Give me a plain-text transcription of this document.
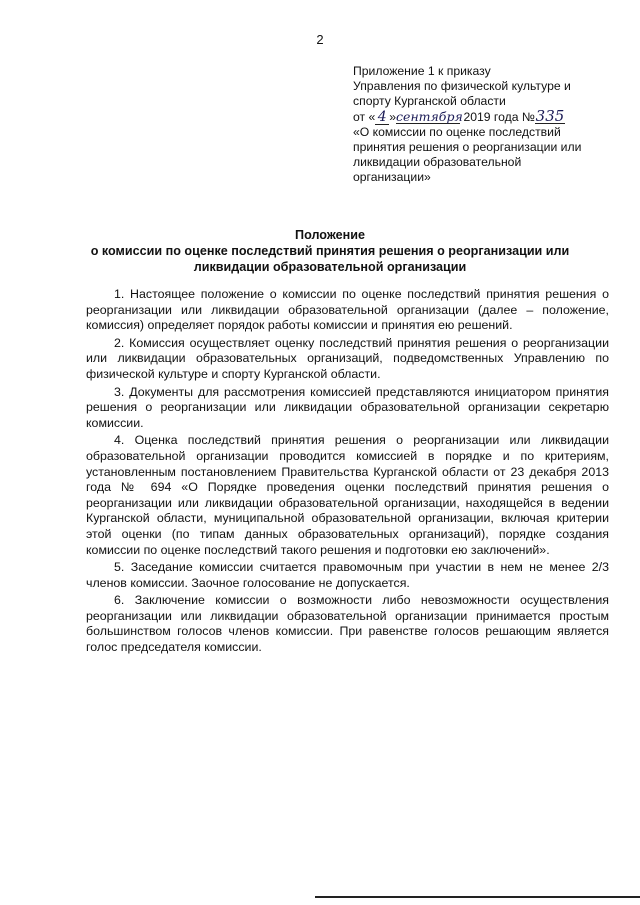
2
Приложение 1 к приказу
Управления по физической культуре и
спорту Курганской области
от « 4 »сентября 2019 года №335
«О комиссии по оценке последствий
принятия решения о реорганизации или
ликвидации образовательной
организации»
Положение
о комиссии по оценке последствий принятия решения о реорганизации или
ликвидации образовательной организации

1. Настоящее положение о комиссии по оценке последствий принятия решения о реорганизации или ликвидации образовательной организации (далее – положение, комиссия) определяет порядок работы комиссии и принятия ею решений.

2. Комиссия осуществляет оценку последствий принятия решения о реорганизации или ликвидации образовательных организаций, подведомственных Управлению по физической культуре и спорту Курганской области.

3. Документы для рассмотрения комиссией представляются инициатором принятия решения о реорганизации или ликвидации образовательной организации секретарю комиссии.

4. Оценка последствий принятия решения о реорганизации или ликвидации образовательной организации проводится комиссией в порядке и по критериям, установленным постановлением Правительства Курганской области от 23 декабря 2013 года № 694 «О Порядке проведения оценки последствий принятия решения о реорганизации или ликвидации образовательной организации, находящейся в ведении Курганской области, муниципальной образовательной организации, включая критерии этой оценки (по типам данных образовательных организаций), порядке создания комиссии по оценке последствий такого решения и подготовки ею заключений».

5. Заседание комиссии считается правомочным при участии в нем не менее 2/3 членов комиссии. Заочное голосование не допускается.

6. Заключение комиссии о возможности либо невозможности осуществления реорганизации или ликвидации образовательной организации принимается простым большинством голосов членов комиссии. При равенстве голосов решающим является голос председателя комиссии.
